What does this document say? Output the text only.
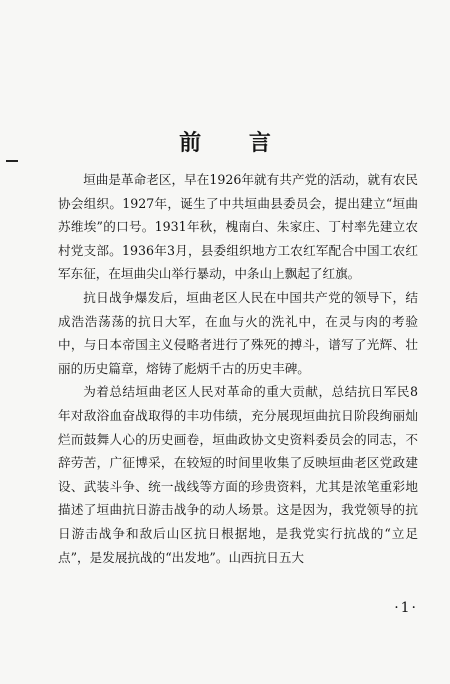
前 言

垣曲是革命老区，早在1926年就有共产党的活动，就有农民协会组织。1927年，诞生了中共垣曲县委员会，提出建立“垣曲苏维埃”的口号。1931年秋，槐南白、朱家庄、丁村率先建立农村党支部。1936年3月，县委组织地方工农红军配合中国工农红军东征，在垣曲尖山举行暴动，中条山上飘起了红旗。

抗日战争爆发后，垣曲老区人民在中国共产党的领导下，结成浩浩荡荡的抗日大军，在血与火的洗礼中，在灵与肉的考验中，与日本帝国主义侵略者进行了殊死的搏斗，谱写了光辉、壮丽的历史篇章，熔铸了彪炳千古的历史丰碑。

为着总结垣曲老区人民对革命的重大贡献，总结抗日军民8年对敌浴血奋战取得的丰功伟绩，充分展现垣曲抗日阶段绚丽灿烂而鼓舞人心的历史画卷，垣曲政协文史资料委员会的同志，不辞劳苦，广征博采，在较短的时间里收集了反映垣曲老区党政建设、武装斗争、统一战线等方面的珍贵资料，尤其是浓笔重彩地描述了垣曲抗日游击战争的动人场景。这是因为，我党领导的抗日游击战争和敌后山区抗日根据地，是我党实行抗战的“立足点”，是发展抗战的“出发地”。山西抗日五大

·1·
